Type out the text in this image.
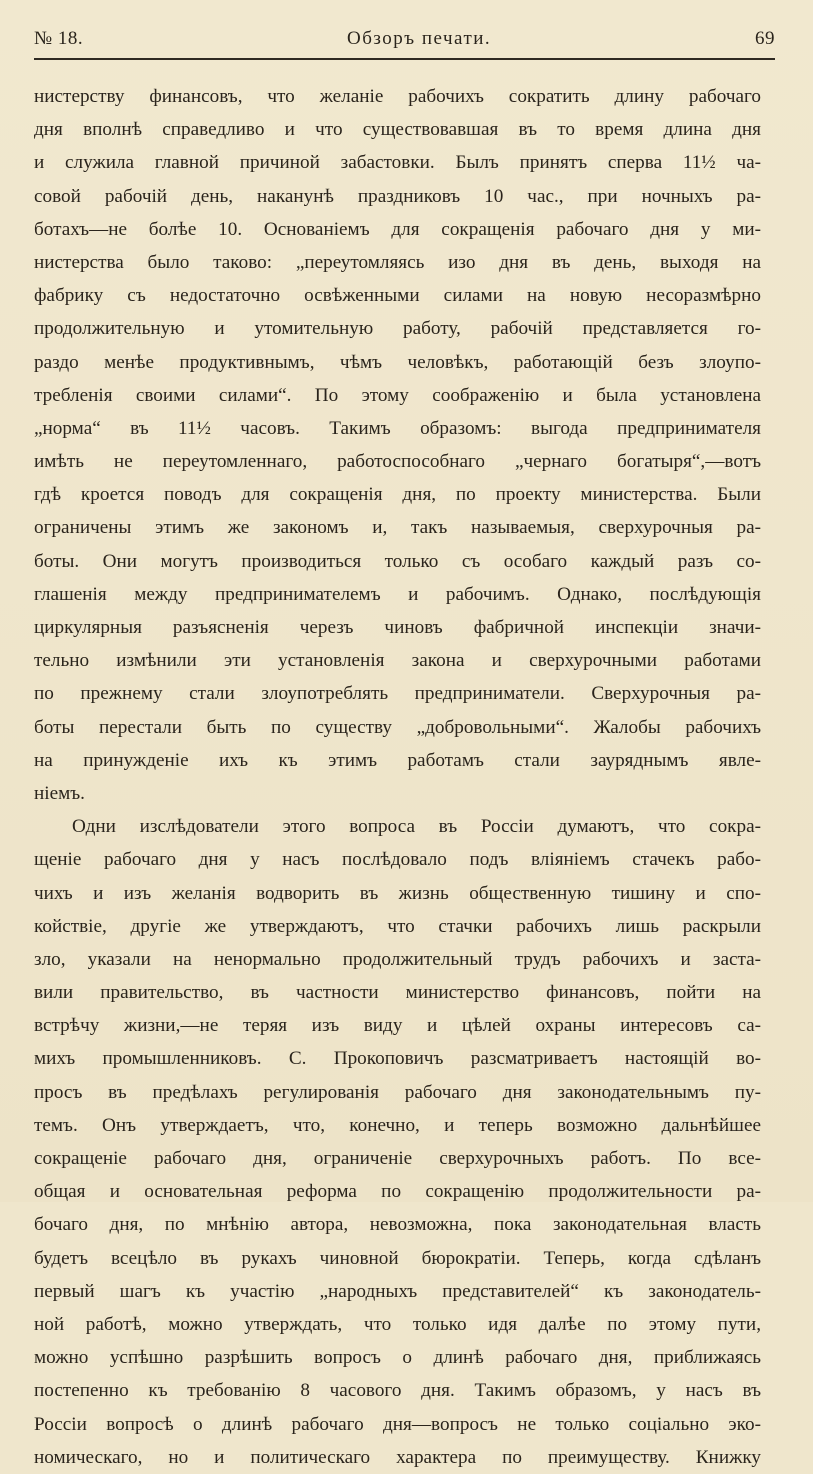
№ 18.	Обзоръ печати.	69
нистерству финансовъ, что желаніе рабочихъ сократить длину рабочаго
дня вполнѣ справедливо и что существовавшая въ то время длина дня
и служила главной причиной забастовки. Былъ принятъ сперва 11½ ча-
совой рабочій день, наканунѣ праздниковъ 10 час., при ночныхъ ра-
ботахъ—не болѣе 10. Основаніемъ для сокращенія рабочаго дня у ми-
нистерства было таково: „переутомляясь изо дня въ день, выходя на
фабрику съ недостаточно освѣженными силами на новую несоразмѣрно
продолжительную и утомительную работу, рабочій представляется го-
раздо менѣе продуктивнымъ, чѣмъ человѣкъ, работающій безъ злоупо-
требленія своими силами“. По этому соображенію и была установлена
„норма“ въ 11½ часовъ. Такимъ образомъ: выгода предпринимателя
имѣть не переутомленнаго, работоспособнаго „чернаго богатыря“,—вотъ
гдѣ кроется поводъ для сокращенія дня, по проекту министерства. Были
ограничены этимъ же закономъ и, такъ называемыя, сверхурочныя ра-
боты. Они могутъ производиться только съ особаго каждый разъ со-
глашенія между предпринимателемъ и рабочимъ. Однако, послѣдующія
циркулярныя разъясненія черезъ чиновъ фабричной инспекціи значи-
тельно измѣнили эти установленія закона и сверхурочными работами
по прежнему стали злоупотреблять предприниматели. Сверхурочныя ра-
боты перестали быть по существу „добровольными“. Жалобы рабочихъ
на принужденіе ихъ къ этимъ работамъ стали зауряднымъ явле-
ніемъ.
Одни изслѣдователи этого вопроса въ Россіи думаютъ, что сокра-
щеніе рабочаго дня у насъ послѣдовало подъ вліяніемъ стачекъ рабо-
чихъ и изъ желанія водворить въ жизнь общественную тишину и спо-
койствіе, другіе же утверждаютъ, что стачки рабочихъ лишь раскрыли
зло, указали на ненормально продолжительный трудъ рабочихъ и заста-
вили правительство, въ частности министерство финансовъ, пойти на
встрѣчу жизни,—не теряя изъ виду и цѣлей охраны интересовъ са-
михъ промышленниковъ. С. Прокоповичъ разсматриваетъ настоящій во-
просъ въ предѣлахъ регулированія рабочаго дня законодательнымъ пу-
темъ. Онъ утверждаетъ, что, конечно, и теперь возможно дальнѣйшее
сокращеніе рабочаго дня, ограниченіе сверхурочныхъ работъ. По все-
общая и основательная реформа по сокращенію продолжительности ра-
бочаго дня, по мнѣнію автора, невозможна, пока законодательная власть
будетъ всецѣло въ рукахъ чиновной бюрократіи. Теперь, когда сдѣланъ
первый шагъ къ участію „народныхъ представителей“ къ законодатель-
ной работѣ, можно утверждать, что только идя далѣе по этому пути,
можно успѣшно разрѣшить вопросъ о длинѣ рабочаго дня, приближаясь
постепенно къ требованію 8 часового дня. Такимъ образомъ, у насъ въ
Россіи вопросѣ о длинѣ рабочаго дня—вопросъ не только соціально эко-
номическаго, но и политическаго характера по преимуществу. Книжку
